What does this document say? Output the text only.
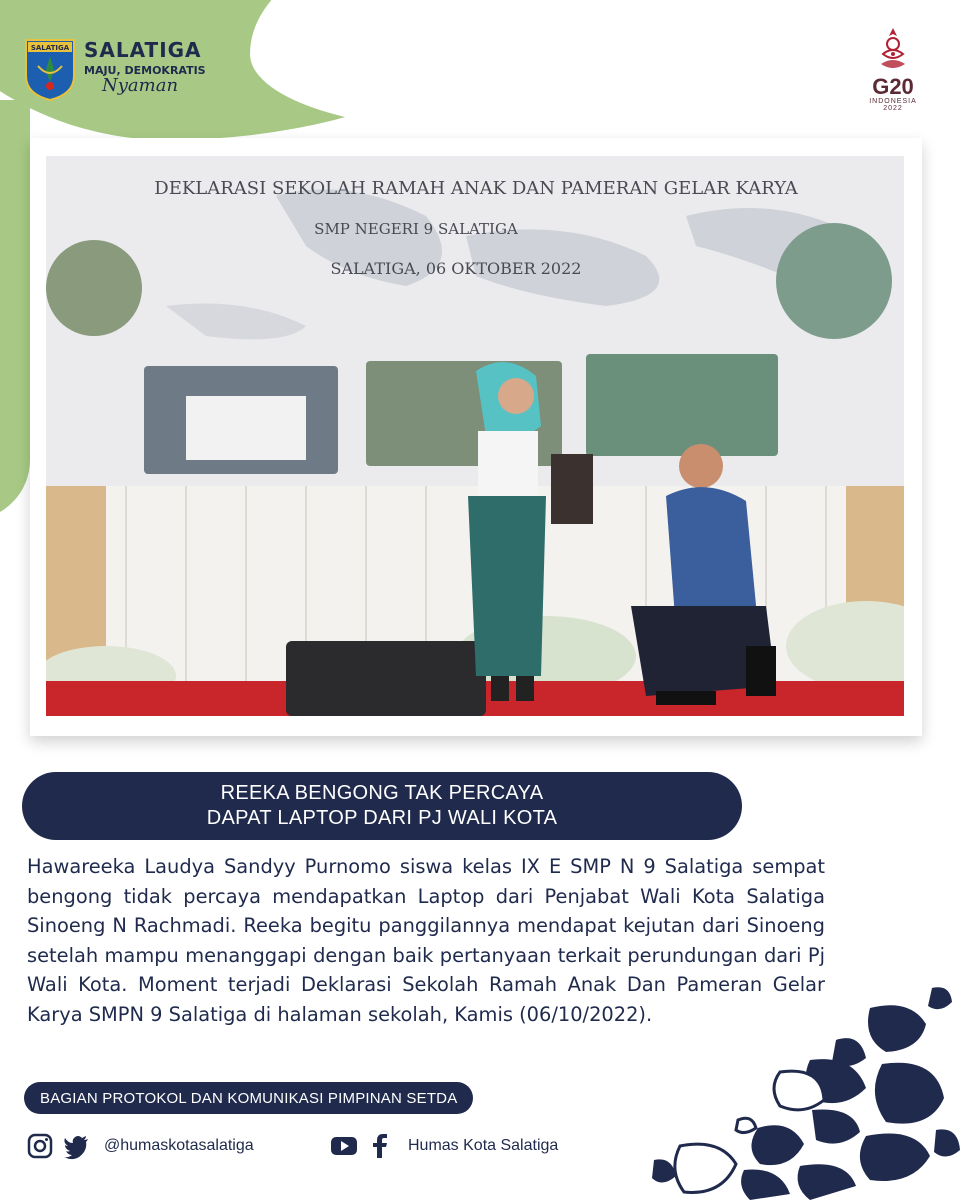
SALATIGA SALATIGA
MAJU, DEMOKRATIS
Nyaman	G20
INDONESIA
2022
DEKLARASI SEKOLAH RAMAH ANAK DAN PAMERAN GELAR KARYA
SMP NEGERI 9 SALATIGA
SALATIGA, 06 OKTOBER 2022
REEKA BENGONG TAK PERCAYA
DAPAT LAPTOP DARI PJ WALI KOTA

Hawareeka Laudya Sandyy Purnomo siswa kelas IX E SMP N 9 Salatiga sempat bengong tidak percaya mendapatkan Laptop dari Penjabat Wali Kota Salatiga Sinoeng N Rachmadi. Reeka begitu panggilannya mendapat kejutan dari Sinoeng setelah mampu menanggapi dengan baik pertanyaan terkait perundungan dari Pj Wali Kota. Moment terjadi Deklarasi Sekolah Ramah Anak Dan Pameran Gelar Karya SMPN 9 Salatiga di halaman sekolah, Kamis (06/10/2022).

BAGIAN PROTOKOL DAN KOMUNIKASI PIMPINAN SETDA
@humaskotasalatiga	Humas Kota Salatiga
